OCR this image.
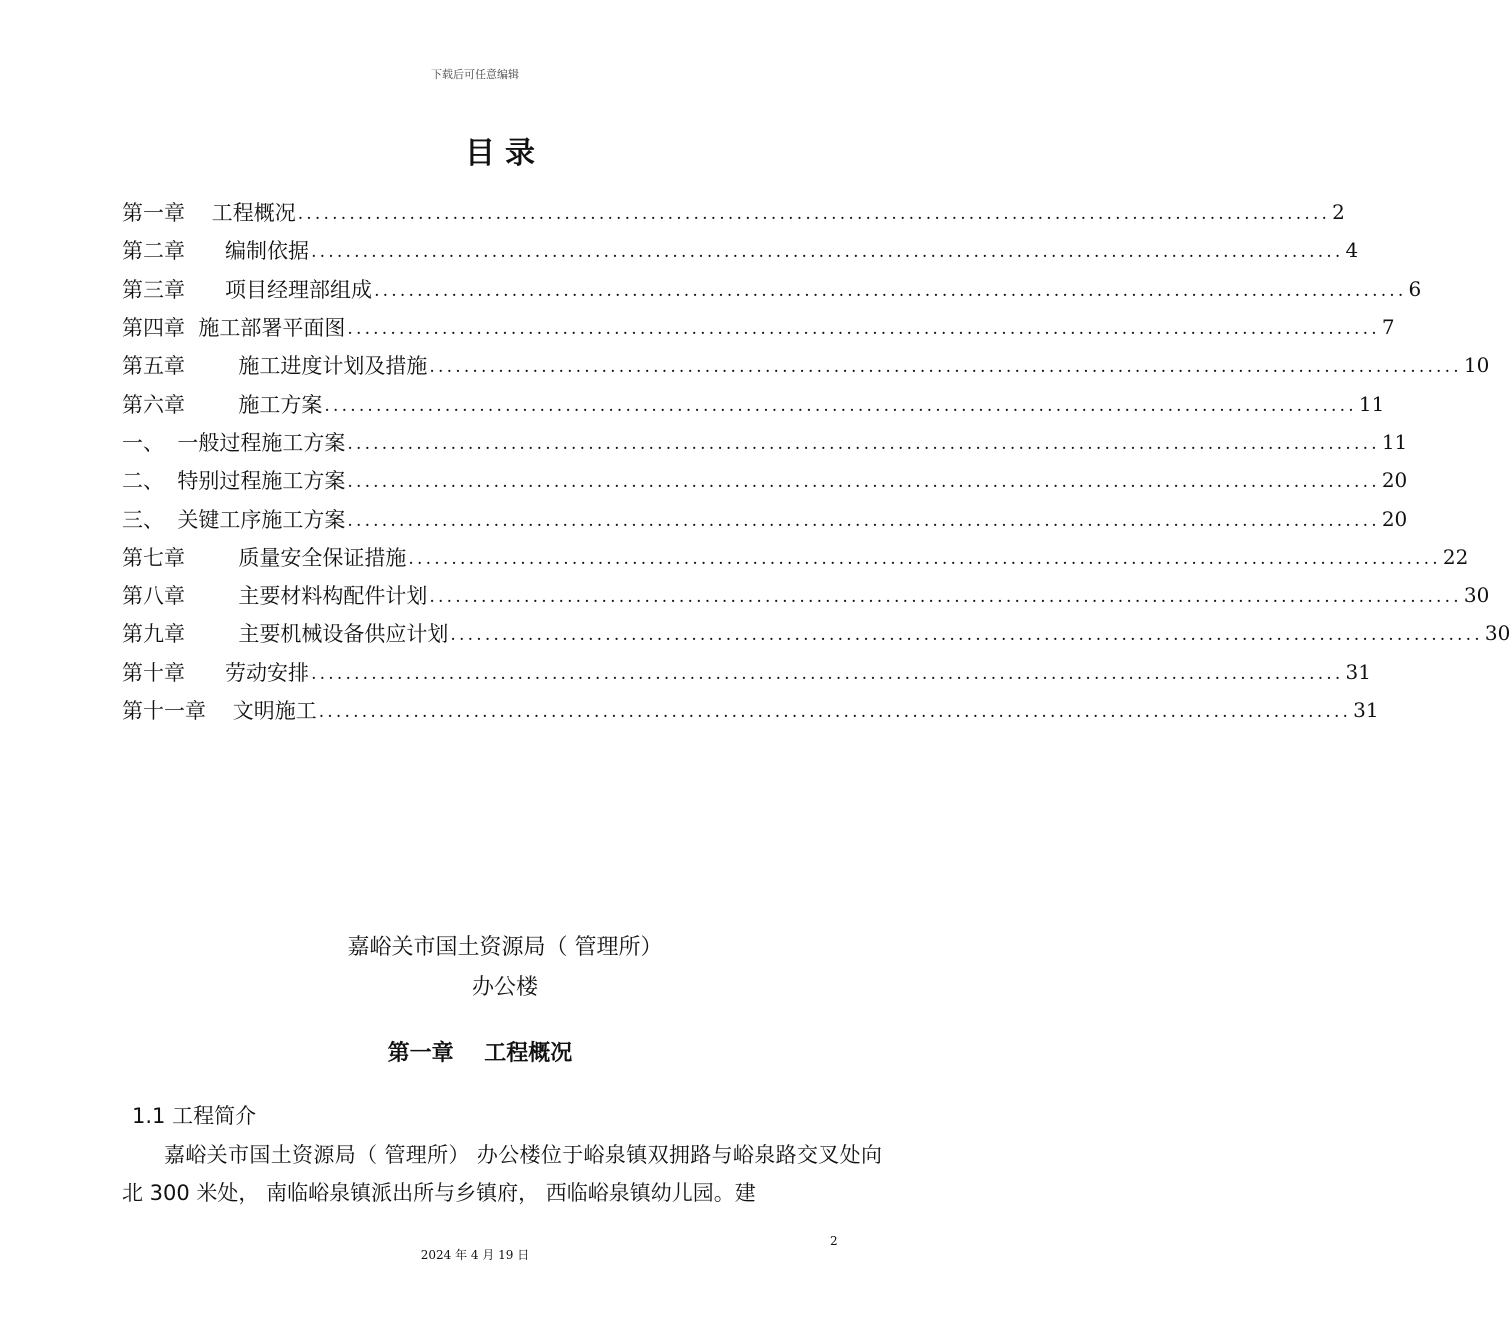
下载后可任意编辑
目录
第一章    工程概况 ........................................................................................................................ 2
第二章      编制依据 ........................................................................................................................ 4
第三章      项目经理部组成 ........................................................................................................................ 6
第四章  施工部署平面图 ........................................................................................................................ 7
第五章        施工进度计划及措施 ........................................................................................................................ 10
第六章        施工方案 ........................................................................................................................ 11
一、  一般过程施工方案 ........................................................................................................................ 11
二、  特别过程施工方案 ........................................................................................................................ 20
三、  关键工序施工方案 ........................................................................................................................ 20
第七章        质量安全保证措施 ........................................................................................................................ 22
第八章        主要材料构配件计划 ........................................................................................................................ 30
第九章        主要机械设备供应计划 ........................................................................................................................ 30
第十章      劳动安排 ........................................................................................................................ 31
第十一章    文明施工 ........................................................................................................................ 31
嘉峪关市国土资源局（ 管理所）
办公楼
第一章    工程概况
1.1 工程简介
嘉峪关市国土资源局（ 管理所） 办公楼位于峪泉镇双拥路与峪泉路交叉处向北 300 米处， 南临峪泉镇派出所与乡镇府， 西临峪泉镇幼儿园。建
2
2024 年 4 月 19 日
